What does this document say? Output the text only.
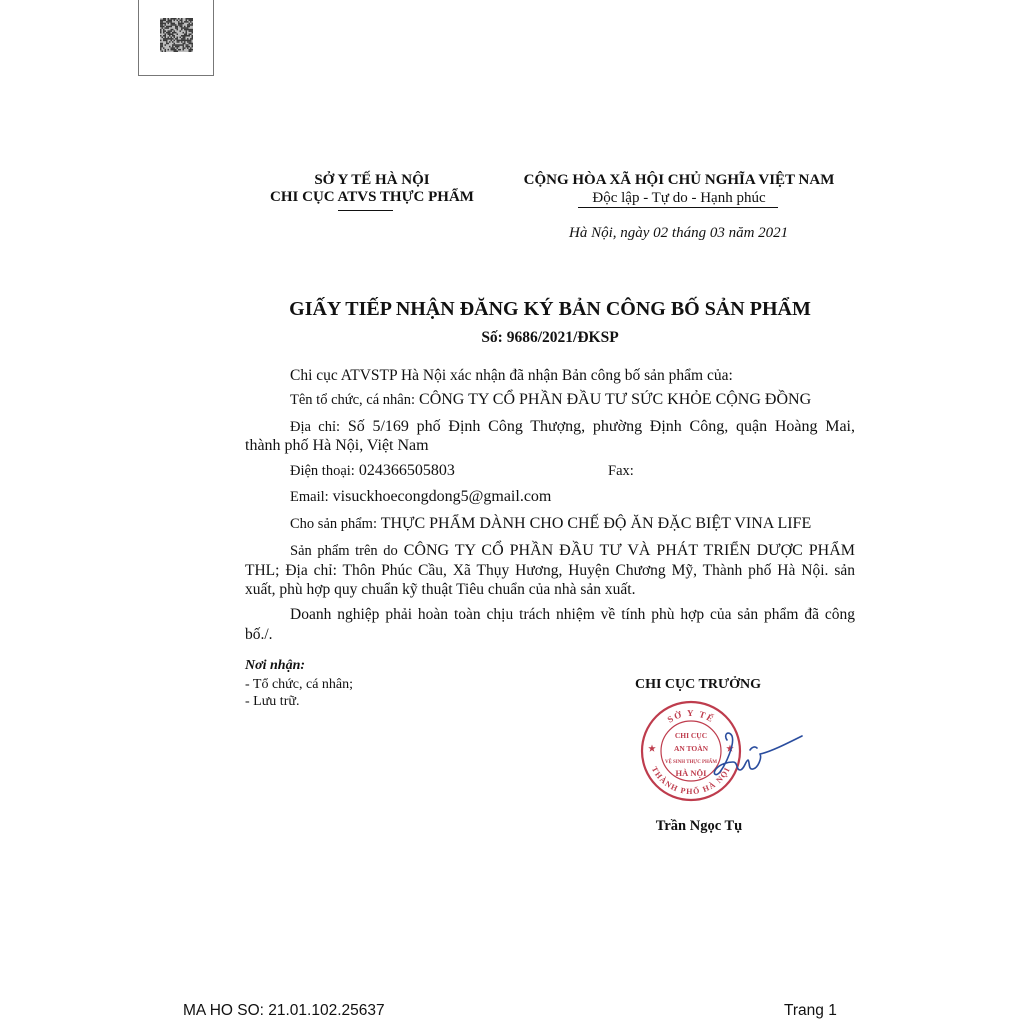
SỞ Y TẾ HÀ NỘI
CHI CỤC ATVS THỰC PHẨM
CỘNG HÒA XÃ HỘI CHỦ NGHĨA VIỆT NAM
Độc lập - Tự do - Hạnh phúc
Hà Nội, ngày 02 tháng 03 năm 2021
GIẤY TIẾP NHẬN ĐĂNG KÝ BẢN CÔNG BỐ SẢN PHẨM
Số: 9686/2021/ĐKSP
Chi cục ATVSTP Hà Nội xác nhận đã nhận Bản công bố sản phẩm của:
Tên tổ chức, cá nhân: CÔNG TY CỔ PHẦN ĐẦU TƯ SỨC KHỎE CỘNG ĐỒNG
Địa chỉ: Số 5/169 phố Định Công Thượng, phường Định Công, quận Hoàng Mai,
thành phố Hà Nội, Việt Nam
Điện thoại: 024366505803	Fax:
Email: visuckhoecongdong5@gmail.com
Cho sản phẩm: THỰC PHẨM DÀNH CHO CHẾ ĐỘ ĂN ĐẶC BIỆT VINA LIFE
Sản phẩm trên do CÔNG TY CỔ PHẦN ĐẦU TƯ VÀ PHÁT TRIỂN DƯỢC PHẨM
THL; Địa chỉ: Thôn Phúc Cầu, Xã Thụy Hương, Huyện Chương Mỹ, Thành phố Hà Nội. sản
xuất, phù hợp quy chuẩn kỹ thuật Tiêu chuẩn của nhà sản xuất.
Doanh nghiệp phải hoàn toàn chịu trách nhiệm về tính phù hợp của sản phẩm đã công
bố./.
Nơi nhận:
- Tổ chức, cá nhân;
- Lưu trữ.
CHI CỤC TRƯỞNG
SỞ Y TẾ
THÀNH PHỐ HÀ NỘI
CHI CỤC
AN TOÀN
VỆ SINH THỰC PHẨM
HÀ NỘI
Trần Ngọc Tụ
MA HO SO: 21.01.102.25637	Trang 1
